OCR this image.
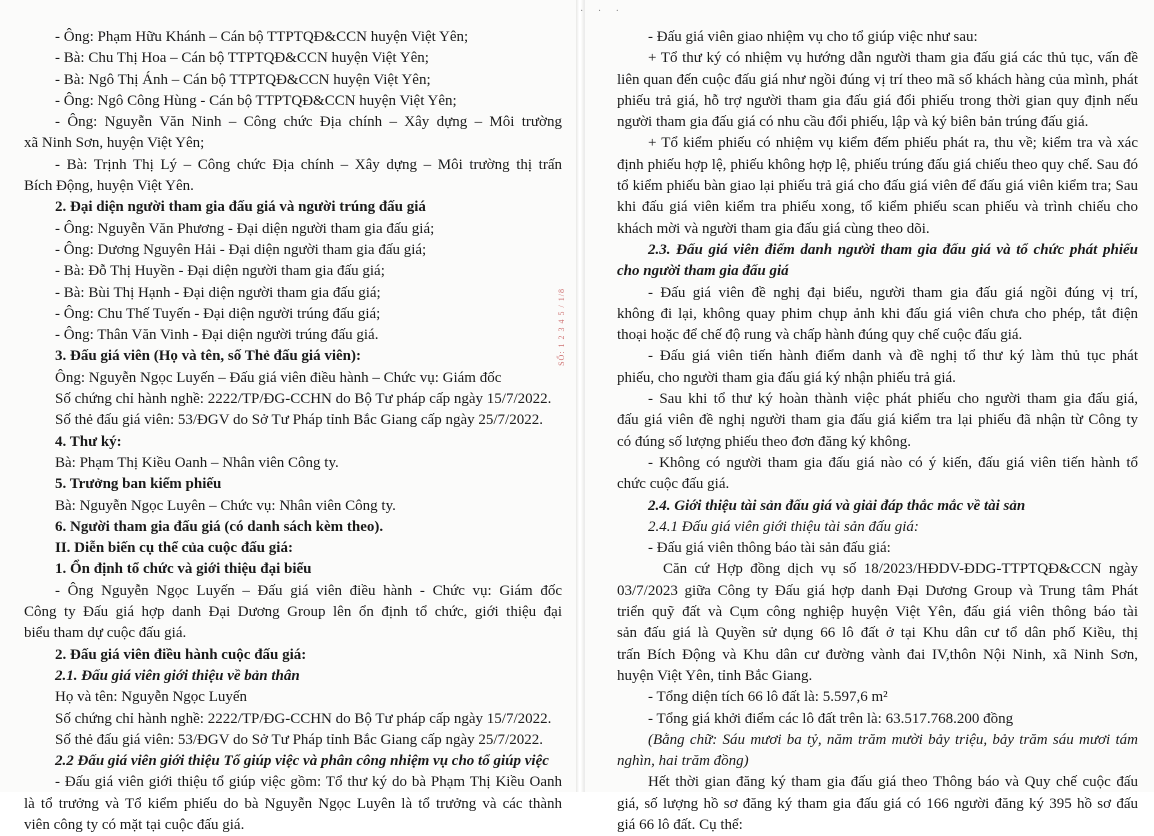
- Ông: Phạm Hữu Khánh – Cán bộ TTPTQĐ&CCN huyện Việt Yên;
- Bà: Chu Thị Hoa – Cán bộ TTPTQĐ&CCN huyện Việt Yên;
- Bà: Ngô Thị Ánh – Cán bộ TTPTQĐ&CCN huyện Việt Yên;
- Ông: Ngô Công Hùng - Cán bộ TTPTQĐ&CCN huyện Việt Yên;
- Ông: Nguyễn Văn Ninh – Công chức Địa chính – Xây dựng – Môi trường
xã Ninh Sơn, huyện Việt Yên;
- Bà: Trịnh Thị Lý – Công chức Địa chính – Xây dựng – Môi trường thị trấn
Bích Động, huyện Việt Yên.
2. Đại diện người tham gia đấu giá và người trúng đấu giá
- Ông: Nguyễn Văn Phương - Đại diện người tham gia đấu giá;
- Ông: Dương Nguyên Hải - Đại diện người tham gia đấu giá;
- Bà: Đỗ Thị Huyền - Đại diện người tham gia đấu giá;
- Bà: Bùi Thị Hạnh - Đại diện người tham gia đấu giá;
- Ông: Chu Thế Tuyến - Đại diện người trúng đấu giá;
- Ông: Thân Văn Vinh - Đại diện người trúng đấu giá.
3. Đấu giá viên (Họ và tên, số Thẻ đấu giá viên):
Ông: Nguyễn Ngọc Luyến – Đấu giá viên điều hành – Chức vụ: Giám đốc
Số chứng chỉ hành nghề: 2222/TP/ĐG-CCHN do Bộ Tư pháp cấp ngày 15/7/2022.
Số thẻ đấu giá viên: 53/ĐGV do Sở Tư Pháp tỉnh Bắc Giang cấp ngày 25/7/2022.
4. Thư ký:
Bà: Phạm Thị Kiều Oanh – Nhân viên Công ty.
5. Trưởng ban kiểm phiếu
Bà: Nguyễn Ngọc Luyên – Chức vụ: Nhân viên Công ty.
6. Người tham gia đấu giá (có danh sách kèm theo).
II. Diễn biến cụ thể của cuộc đấu giá:
1. Ổn định tổ chức và giới thiệu đại biểu
- Ông Nguyễn Ngọc Luyến – Đấu giá viên điều hành - Chức vụ: Giám đốc
Công ty Đấu giá hợp danh Đại Dương Group lên ổn định tổ chức, giới thiệu đại
biểu tham dự cuộc đấu giá.
2. Đấu giá viên điều hành cuộc đấu giá:
2.1. Đấu giá viên giới thiệu về bản thân
Họ và tên: Nguyễn Ngọc Luyến
Số chứng chỉ hành nghề: 2222/TP/ĐG-CCHN do Bộ Tư pháp cấp ngày 15/7/2022.
Số thẻ đấu giá viên: 53/ĐGV do Sở Tư Pháp tỉnh Bắc Giang cấp ngày 25/7/2022.
2.2 Đấu giá viên giới thiệu Tổ giúp việc và phân công nhiệm vụ cho tổ giúp việc
- Đấu giá viên giới thiệu tổ giúp việc gồm: Tổ thư ký do bà Phạm Thị Kiều Oanh
là tổ trưởng và Tổ kiểm phiếu do bà Nguyễn Ngọc Luyên là tổ trưởng và các thành
viên công ty có mặt tại cuộc đấu giá.
- Đấu giá viên giao nhiệm vụ cho tổ giúp việc như sau:
+ Tổ thư ký có nhiệm vụ hướng dẫn người tham gia đấu giá các thủ tục, vấn đề
liên quan đến cuộc đấu giá như ngồi đúng vị trí theo mã số khách hàng của mình, phát
phiếu trả giá, hỗ trợ người tham gia đấu giá đổi phiếu trong thời gian quy định nếu
người tham gia đấu giá có nhu cầu đổi phiếu, lập và ký biên bản trúng đấu giá.
+ Tổ kiểm phiếu có nhiệm vụ kiểm đếm phiếu phát ra, thu về; kiểm tra và xác
định phiếu hợp lệ, phiếu không hợp lệ, phiếu trúng đấu giá chiếu theo quy chế. Sau đó
tổ kiểm phiếu bàn giao lại phiếu trả giá cho đấu giá viên để đấu giá viên kiểm tra; Sau
khi đấu giá viên kiểm tra phiếu xong, tổ kiểm phiếu scan phiếu và trình chiếu cho
khách mời và người tham gia đấu giá cùng theo dõi.
2.3. Đấu giá viên điểm danh người tham gia đấu giá và tổ chức phát phiếu
cho người tham gia đấu giá
- Đấu giá viên đề nghị đại biểu, người tham gia đấu giá ngồi đúng vị trí,
không đi lại, không quay phim chụp ảnh khi đấu giá viên chưa cho phép, tắt điện
thoại hoặc để chế độ rung và chấp hành đúng quy chế cuộc đấu giá.
- Đấu giá viên tiến hành điểm danh và đề nghị tổ thư ký làm thủ tục phát
phiếu, cho người tham gia đấu giá ký nhận phiếu trả giá.
- Sau khi tổ thư ký hoàn thành việc phát phiếu cho người tham gia đấu giá,
đấu giá viên đề nghị người tham gia đấu giá kiểm tra lại phiếu đã nhận từ Công ty
có đúng số lượng phiếu theo đơn đăng ký không.
- Không có người tham gia đấu giá nào có ý kiến, đấu giá viên tiến hành tổ
chức cuộc đấu giá.
2.4. Giới thiệu tài sản đấu giá và giải đáp thắc mắc về tài sản
2.4.1 Đấu giá viên giới thiệu tài sản đấu giá:
- Đấu giá viên thông báo tài sản đấu giá:
Căn cứ Hợp đồng dịch vụ số 18/2023/HĐDV-ĐDG-TTPTQĐ&CCN ngày
03/7/2023 giữa Công ty Đấu giá hợp danh Đại Dương Group và Trung tâm Phát
triển quỹ đất và Cụm công nghiệp huyện Việt Yên, đấu giá viên thông báo tài
sản đấu giá là Quyền sử dụng 66 lô đất ở tại Khu dân cư tổ dân phố Kiều, thị
trấn Bích Động và Khu dân cư đường vành đai IV,thôn Nội Ninh, xã Ninh Sơn,
huyện Việt Yên, tỉnh Bắc Giang.
- Tổng diện tích 66 lô đất là: 5.597,6 m²
- Tổng giá khởi điểm các lô đất trên là: 63.517.768.200 đồng
(Bằng chữ: Sáu mươi ba tỷ, năm trăm mười bảy triệu, bảy trăm sáu mươi tám
nghìn, hai trăm đồng)
Hết thời gian đăng ký tham gia đấu giá theo Thông báo và Quy chế cuộc đấu
giá, số lượng hồ sơ đăng ký tham gia đấu giá có 166 người đăng ký 395 hồ sơ đấu
giá 66 lô đất. Cụ thể:
· · ·
SỐ: 1 2 3 4 5 / 1/8
